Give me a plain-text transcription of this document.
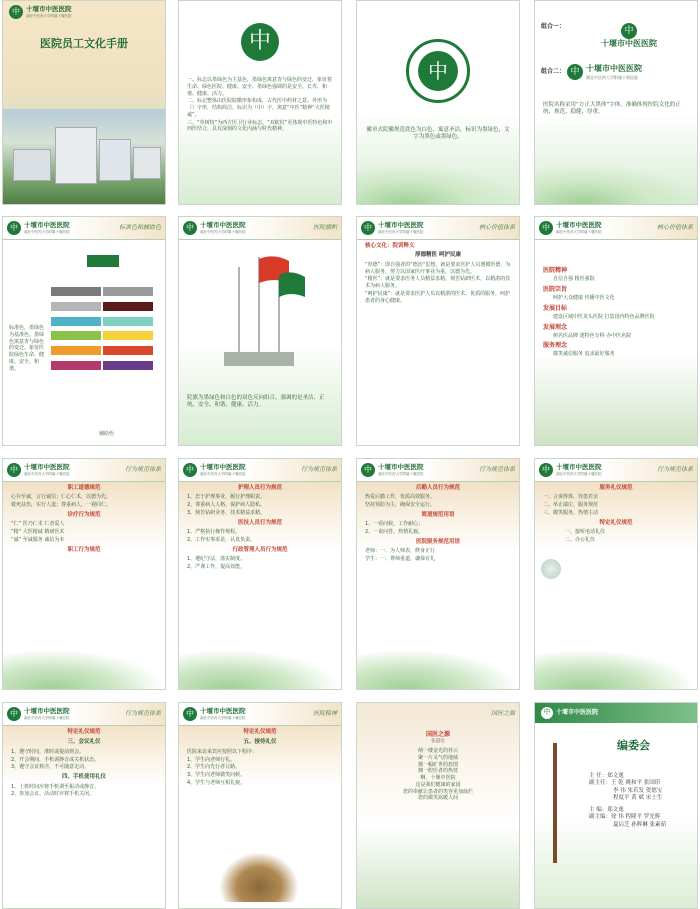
中 十堰市中医医院
湖北中医药大学附属十堰医院
医院员工文化手册	中

一、标志以墨绿色为主基色，墨绿色寓意青与绿色的变迁，象征着生命、绿色医院、健康、安全、墨绿色强调的是安全、长寿、和谐、健康、活力。

二、标记整体由医院院徽形象构成，古代医中药材之意。外形为（）字形，结构简洁、标识为（中）字，寓意“中医”精神“大医精诚”。

三、“草树枝”为西方医卫行业标志，“双蛇杖”更体现中医特色和中西医结合，具有深刻的文化内涵与时代精神。

中
徽章式院徽规范底色为白色，寓意圣洁，标识为墨绿色，文字为黑色或墨绿色。
组合一：	中
十堰市中医医院
组合二： 中 十堰市中医医院
湖北中医药大学附属十堰医院
医院名称采用“方正大黑体”字体，准确体现医院文化的正统、规范、稳健、厚重。
中 十堰市中医医院
湖北中医药大学附属十堰医院
标准色和辅助色
标准色，墨绿色为基准色。墨绿色寓意青与绿色的变迁，象征医院绿色生命、健康、安全、和谐。
辅助色
中 十堰市中医医院
湖北中医药大学附属十堰医院
医院旗帜
院旗为墨绿色和白色的双色反向组合，强调的是圣洁、正统、安全、和谐、健康、活力。
中 十堰市中医医院
湖北中医药大学附属十堰医院
核心价值体系
核心文化：院训释义
厚德精医 呵护民康

“厚德”：即自强者的“德治”思想，就是要求医护人员遵循医德，为病人服务，努力以国家医疗事业为重、以德为先。

“精医”：就是要求医务人员精益求精，刻苦钻研医术，以精湛的技术为病人服务。

“呵护民康”：就是要求医护人员以精湛的医术、优质的服务，呵护患者的身心健康。

中 十堰市中医医院
湖北中医药大学附属十堰医院
核心价值体系
医院精神
自信自强 精医强院
医院宗旨
呵护大众健康 传播中医文化
发展目标
建设区域中医龙头医院 打造国内特色品牌医院
发展理念
树名医品牌 建特色专科 办中医名院
服务理念
微笑诚信服务 追求最好服务
中 十堰市中医医院
湖北中医药大学附属十堰医院
行为规范体系
职工道德规范

心存至诚，言行诚信；仁心仁术，以德为先。

救死扶伤，实行人道；尊重病人，一视同仁。

诊疗行为规范

“仁” 医乃仁术 仁者爱人

“精” 大医精诚 精研医术

“诚” 至诚服务 诚信为本

职工行为规范
中 十堰市中医医院
湖北中医药大学附属十堰医院
行为规范体系
护理人员行为规范

1、忠于护理事业，履行护理职责。

2、尊重病人人格，保护病人隐私。

3、刻苦钻研业务，技术精益求精。

医技人员行为规范

1、严格执行操作规程。

2、工作实事求是，认真负责。

行政管理人员行为规范

1、遵纪守法，落实制度。

2、严谨工作，提高效能。

中 十堰市中医医院
湖北中医药大学附属十堰医院
行为规范体系
后勤人员行为规范

热爱后勤工作，优质高效服务。

坚持预防为主，确保安全运行。

简道规范用语

1、一看问候，工作耐心；

2、一说问答，热情礼貌。

医院服务规范用语

老师：一、为人师表，修身正行

学生：一、尊师重道，谦恭有礼

中 十堰市中医医院
湖北中医药大学附属十堰医院
行为规范体系
服务礼仪规范

一、言谈得体、待患若亲

二、举止端庄、服务规范

三、微笑服务、热情主动

特定礼仪规范

一、接听电话礼仪

二、办公礼仪

中 十堰市中医医院
湖北中医药大学附属十堰医院
行为规范体系
特定礼仪规范
三、会议礼仪

1、遵守时间，准时或提前到会。

2、开会期间，手机调静音或关机状态。

3、遵守会议秩序，不可随意走动。

四、手机使用礼仪

1、上班时间应将手机调至振动或静音。

2、参加会议、活动时应将手机关闭。

中 十堰市中医医院
湖北中医药大学附属十堰医院
医院精神
特定礼仪规范
五、接待礼仪

医院来访来宾应按照以下程序：

1、学生向老师行礼。

2、学生向先行者让路。

3、学生向老师微笑问候。

4、学生与老师互相礼貌。

国医之源
国医之源
张道达
纳一缕金光的祥云
聚一片灵气的地域
描一幅旷世的蓝图
拥一腔医者的热忱
啊，十堰中医院
这是我们健康的家园
您的奉献让患者的笑容更加灿烂
您的微笑温暖人间
中 十堰市中医医院
编委会
主 任：郑文逸
副主任：王 乾 姚和平 张国印
李 伟 朱若发 贺德宝
程度平 黄 斌 宋士生
主 编：郑文逸
副主编：徐 伟 程隆平 罗光辉
夏启芝 孙辉琳 张素茹
